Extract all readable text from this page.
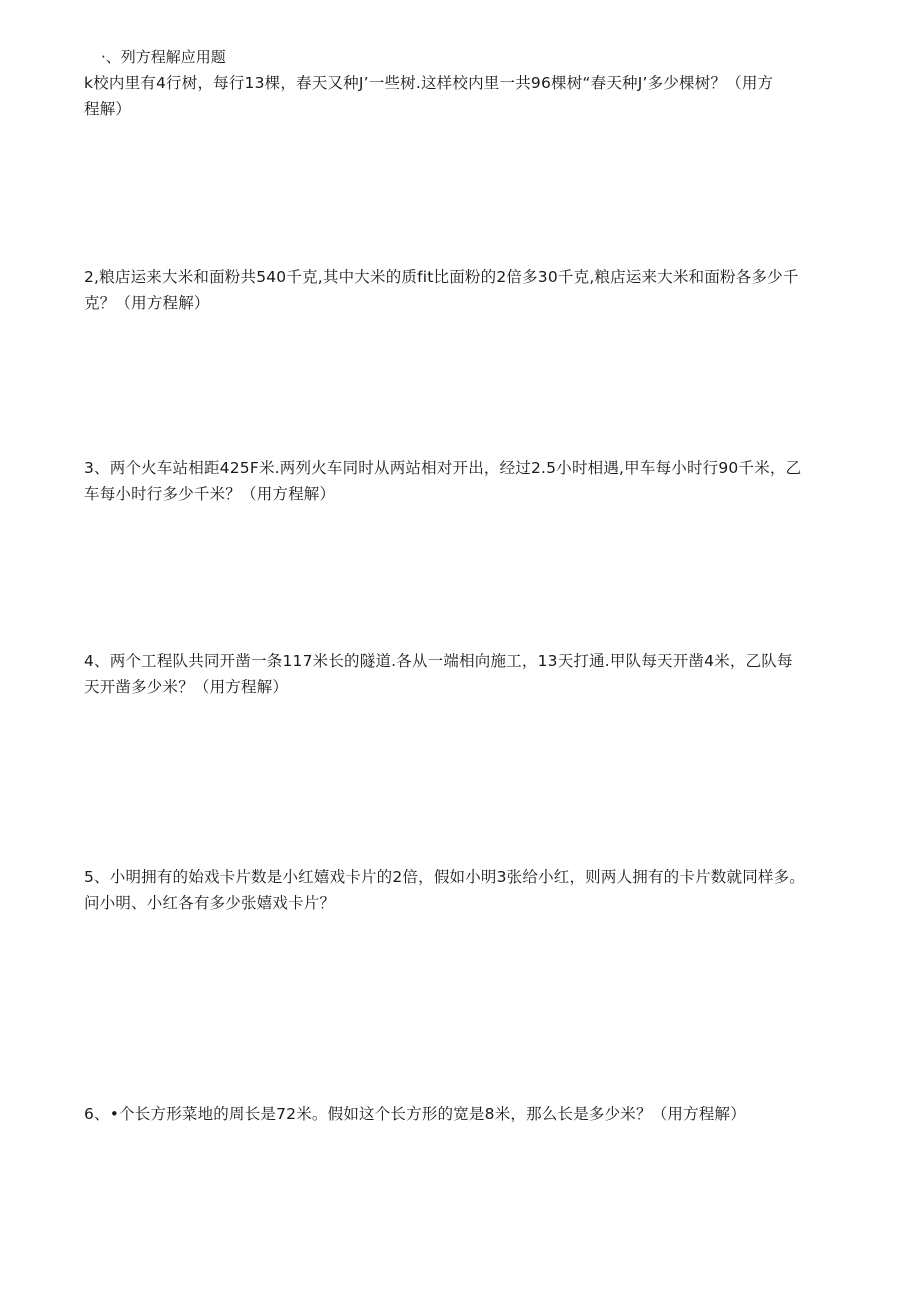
·、列方程解应用题
k校内里有4行树，每行13棵，春天又种J’一些树.这样校内里一共96棵树“春天种J’多少棵树？（用方
程解）
2,粮店运来大米和面粉共540千克,其中大米的质fit比面粉的2倍多30千克,粮店运来大米和面粉各多少千
克？（用方程解）
3、两个火车站相距425F米.两列火车同时从两站相对开出，经过2.5小时相遇,甲车每小时行90千米，乙
车每小时行多少千米？（用方程解）
4、两个工程队共同开凿一条117米长的隧道.各从一端相向施工，13天打通.甲队每天开凿4米，乙队每
天开凿多少米？（用方程解）
5、小明拥有的始戏卡片数是小红嬉戏卡片的2倍，假如小明3张给小红，则两人拥有的卡片数就同样多。
问小明、小红各有多少张嬉戏卡片？
6、•个长方形菜地的周长是72米。假如这个长方形的宽是8米，那么长是多少米？（用方程解）
